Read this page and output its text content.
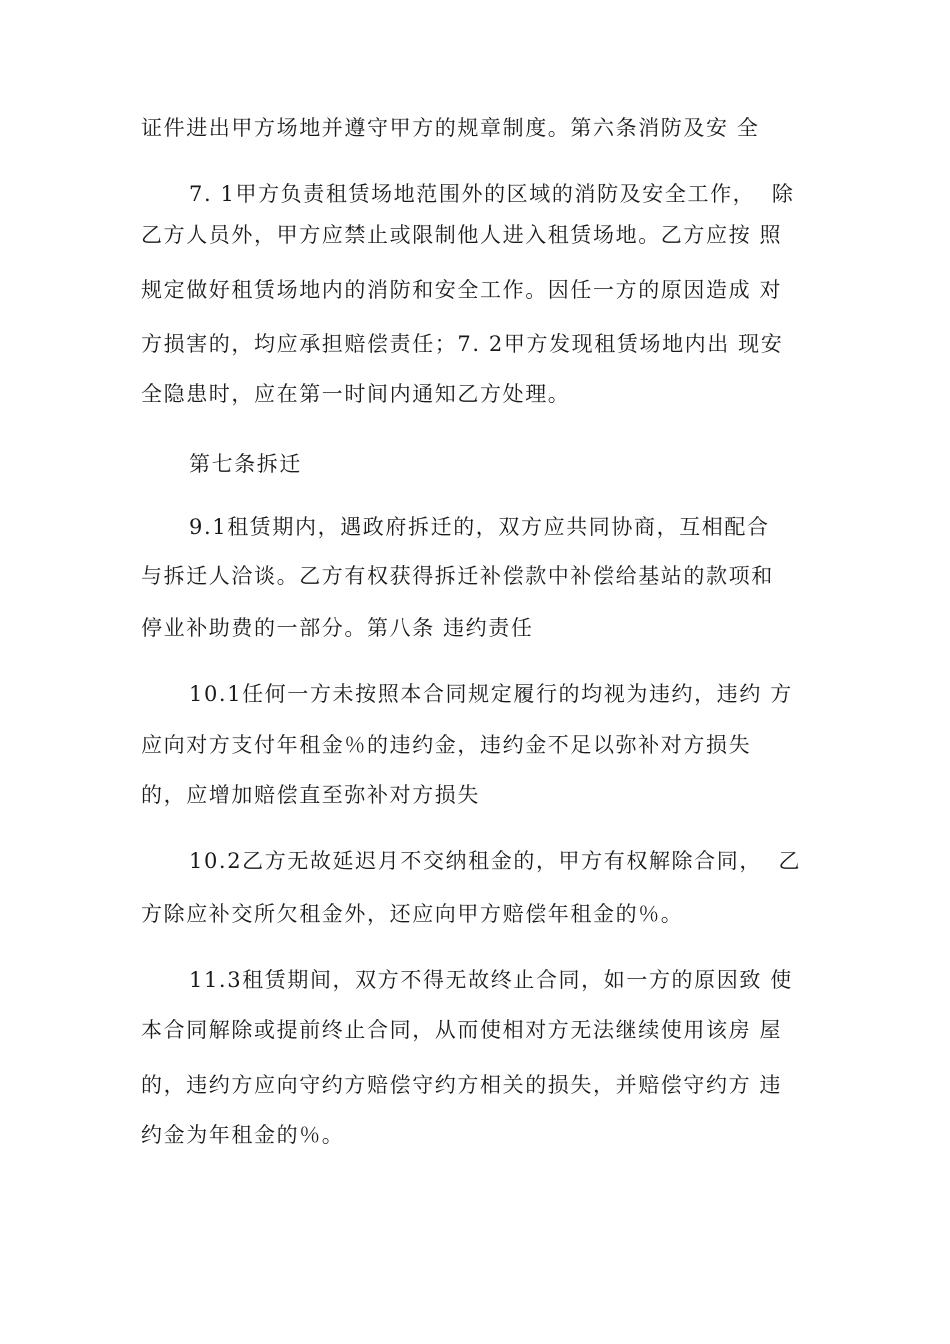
证件进出甲方场地并遵守甲方的规章制度。第六条消防及安 全
7. 1甲方负责租赁场地范围外的区域的消防及安全工作，  除
乙方人员外，甲方应禁止或限制他人进入租赁场地。乙方应按 照
规定做好租赁场地内的消防和安全工作。因任一方的原因造成 对
方损害的，均应承担赔偿责任；7. 2甲方发现租赁场地内出 现安
全隐患时，应在第一时间内通知乙方处理。
第七条拆迁
9.1租赁期内，遇政府拆迁的，双方应共同协商，互相配合
与拆迁人洽谈。乙方有权获得拆迁补偿款中补偿给基站的款项和
停业补助费的一部分。第八条 违约责任
10.1任何一方未按照本合同规定履行的均视为违约，违约 方
应向对方支付年租金％的违约金，违约金不足以弥补对方损失
的，应增加赔偿直至弥补对方损失
10.2乙方无故延迟月不交纳租金的，甲方有权解除合同，  乙
方除应补交所欠租金外，还应向甲方赔偿年租金的％。
11.3租赁期间，双方不得无故终止合同，如一方的原因致 使
本合同解除或提前终止合同，从而使相对方无法继续使用该房 屋
的，违约方应向守约方赔偿守约方相关的损失，并赔偿守约方 违
约金为年租金的％。
